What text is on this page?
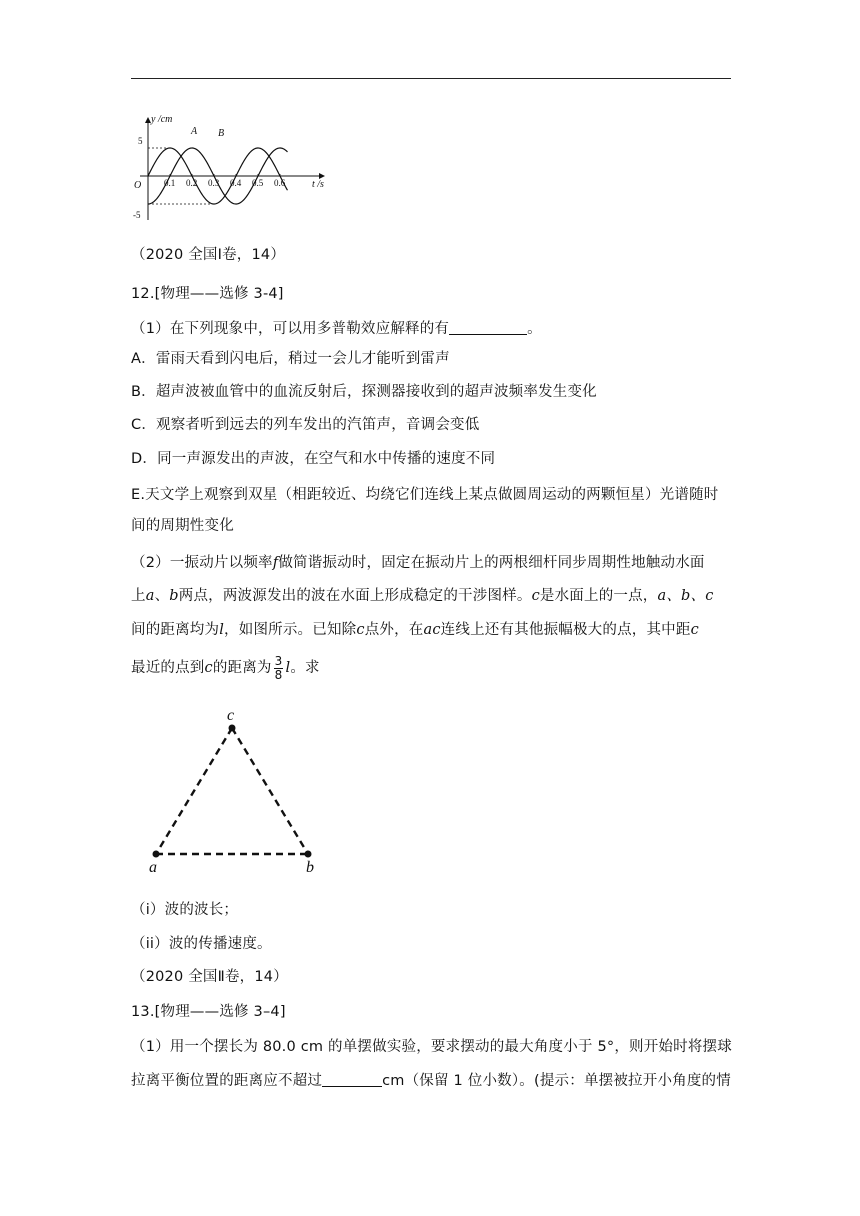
y /cm
t /s
O
5
-5
0.1 0.2 0.3 0.4 0.5 0.6
A B
（2020 全国Ⅰ卷，14）
12.[物理——选修 3-4]
（1）在下列现象中，可以用多普勒效应解释的有	。
A．雷雨天看到闪电后，稍过一会儿才能听到雷声
B．超声波被血管中的血流反射后，探测器接收到的超声波频率发生变化
C．观察者听到远去的列车发出的汽笛声，音调会变低
D．同一声源发出的声波，在空气和水中传播的速度不同
E.天文学上观察到双星（相距较近、均绕它们连线上某点做圆周运动的两颗恒星）光谱随时
间的周期性变化
（2）一振动片以频率f做简谐振动时，固定在振动片上的两根细杆同步周期性地触动水面
上a、b两点，两波源发出的波在水面上形成稳定的干涉图样。c是水面上的一点，a、b、c
间的距离均为l，如图所示。已知除c点外，在ac连线上还有其他振幅极大的点，其中距c
最近的点到c的距离为 $\frac{3}{8}$ l。求
c
a	b
（i）波的波长；
（ii）波的传播速度。
（2020 全国Ⅱ卷，14）
13.[物理——选修 3–4]
（1）用一个摆长为 80.0 cm 的单摆做实验，要求摆动的最大角度小于 5°，则开始时将摆球
拉离平衡位置的距离应不超过	cm（保留 1 位小数）。(提示：单摆被拉开小角度的情
